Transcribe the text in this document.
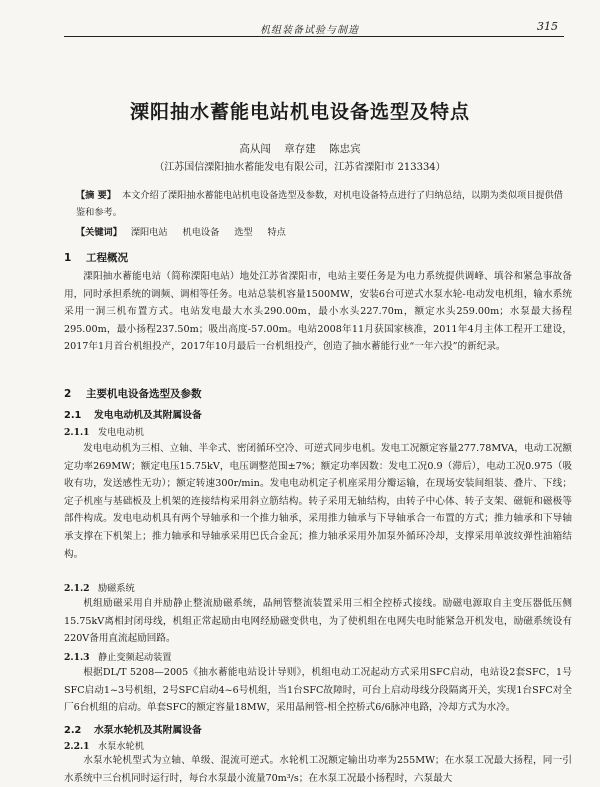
机组装备试验与制造	315
溧阳抽水蓄能电站机电设备选型及特点
高从闯 章存建 陈忠宾
（江苏国信溧阳抽水蓄能发电有限公司，江苏省溧阳市 213334）
【摘 要】 本文介绍了溧阳抽水蓄能电站机电设备选型及参数，对机电设备特点进行了归纳总结，以期为类似项目提供借鉴和参考。
【关键词】 溧阳电站 机电设备 选型 特点
1 工程概况
溧阳抽水蓄能电站（简称溧阳电站）地处江苏省溧阳市，电站主要任务是为电力系统提供调峰、填谷和紧急事故备用，同时承担系统的调频、调相等任务。电站总装机容量1500MW，安装6台可逆式水泵水轮-电动发电机组，输水系统采用一洞三机布置方式。电站发电最大水头290.00m，最小水头227.70m，额定水头259.00m；水泵最大扬程295.00m，最小扬程237.50m；吸出高度-57.00m。电站2008年11月获国家核准，2011年4月主体工程开工建设，2017年1月首台机组投产，2017年10月最后一台机组投产，创造了抽水蓄能行业“一年六投”的新纪录。
2 主要机电设备选型及参数
2.1 发电电动机及其附属设备
2.1.1 发电电动机
发电电动机为三相、立轴、半伞式、密闭循环空冷、可逆式同步电机。发电工况额定容量277.78MVA，电动工况额定功率269MW；额定电压15.75kV，电压调整范围±7%；额定功率因数：发电工况0.9（滞后），电动工况0.975（吸收有功，发送感性无功）；额定转速300r/min。发电电动机定子机座采用分瓣运输，在现场安装间组装、叠片、下线；定子机座与基础板及上机架的连接结构采用斜立筋结构。转子采用无轴结构，由转子中心体、转子支架、磁轭和磁极等部件构成。发电电动机具有两个导轴承和一个推力轴承，采用推力轴承与下导轴承合一布置的方式；推力轴承和下导轴承支撑在下机架上；推力轴承和导轴承采用巴氏合金瓦；推力轴承采用外加泵外循环冷却，支撑采用单波纹弹性油箱结构。
2.1.2 励磁系统
机组励磁采用自并励静止整流励磁系统，晶闸管整流装置采用三相全控桥式接线。励磁电源取自主变压器低压侧15.75kV离相封闭母线，机组正常起励由电网经励磁变供电，为了使机组在电网失电时能紧急开机发电，励磁系统设有220V备用直流起励回路。
2.1.3 静止变频起动装置
根据DL/T 5208—2005《抽水蓄能电站设计导则》，机组电动工况起动方式采用SFC启动，电站设2套SFC，1号SFC启动1~3号机组，2号SFC启动4~6号机组，当1台SFC故障时，可台上启动母线分段隔离开关，实现1台SFC对全厂6台机组的启动。单套SFC的额定容量18MW，采用晶闸管-相全控桥式6/6脉冲电路，冷却方式为水冷。
2.2 水泵水轮机及其附属设备
2.2.1 水泵水轮机
水泵水轮机型式为立轴、单级、混流可逆式。水轮机工况额定输出功率为255MW；在水泵工况最大扬程，同一引水系统中三台机同时运行时，每台水泵最小流量70m³/s；在水泵工况最小扬程时，六泵最大
